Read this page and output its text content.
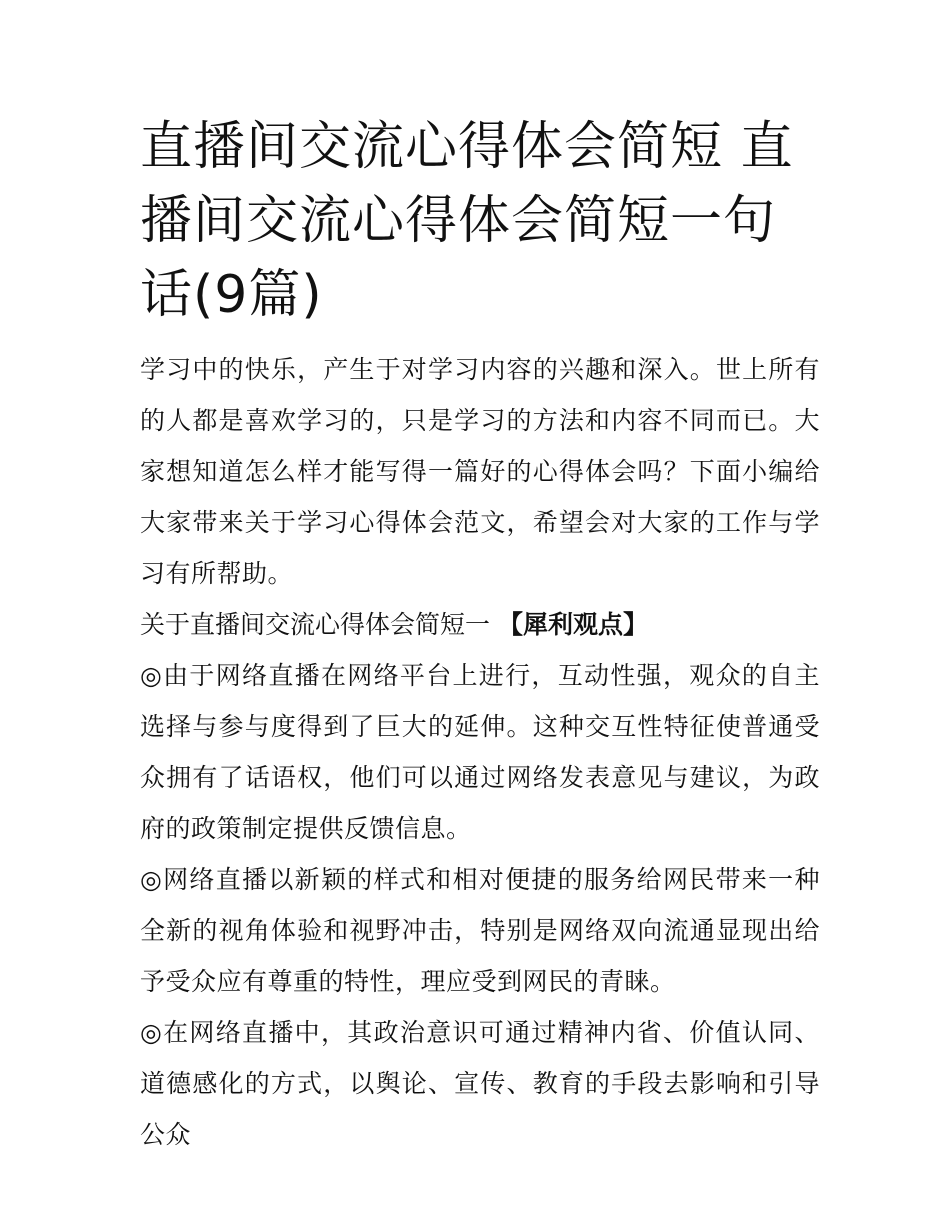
直播间交流心得体会简短 直播间交流心得体会简短一句话(9篇)

学习中的快乐，产生于对学习内容的兴趣和深入。世上所有的人都是喜欢学习的，只是学习的方法和内容不同而已。大家想知道怎么样才能写得一篇好的心得体会吗？下面小编给大家带来关于学习心得体会范文，希望会对大家的工作与学习有所帮助。

关于直播间交流心得体会简短一 【犀利观点】

◎由于网络直播在网络平台上进行，互动性强，观众的自主选择与参与度得到了巨大的延伸。这种交互性特征使普通受众拥有了话语权，他们可以通过网络发表意见与建议，为政府的政策制定提供反馈信息。

◎网络直播以新颖的样式和相对便捷的服务给网民带来一种全新的视角体验和视野冲击，特别是网络双向流通显现出给予受众应有尊重的特性，理应受到网民的青睐。

◎在网络直播中，其政治意识可通过精神内省、价值认同、道德感化的方式，以舆论、宣传、教育的手段去影响和引导公众
